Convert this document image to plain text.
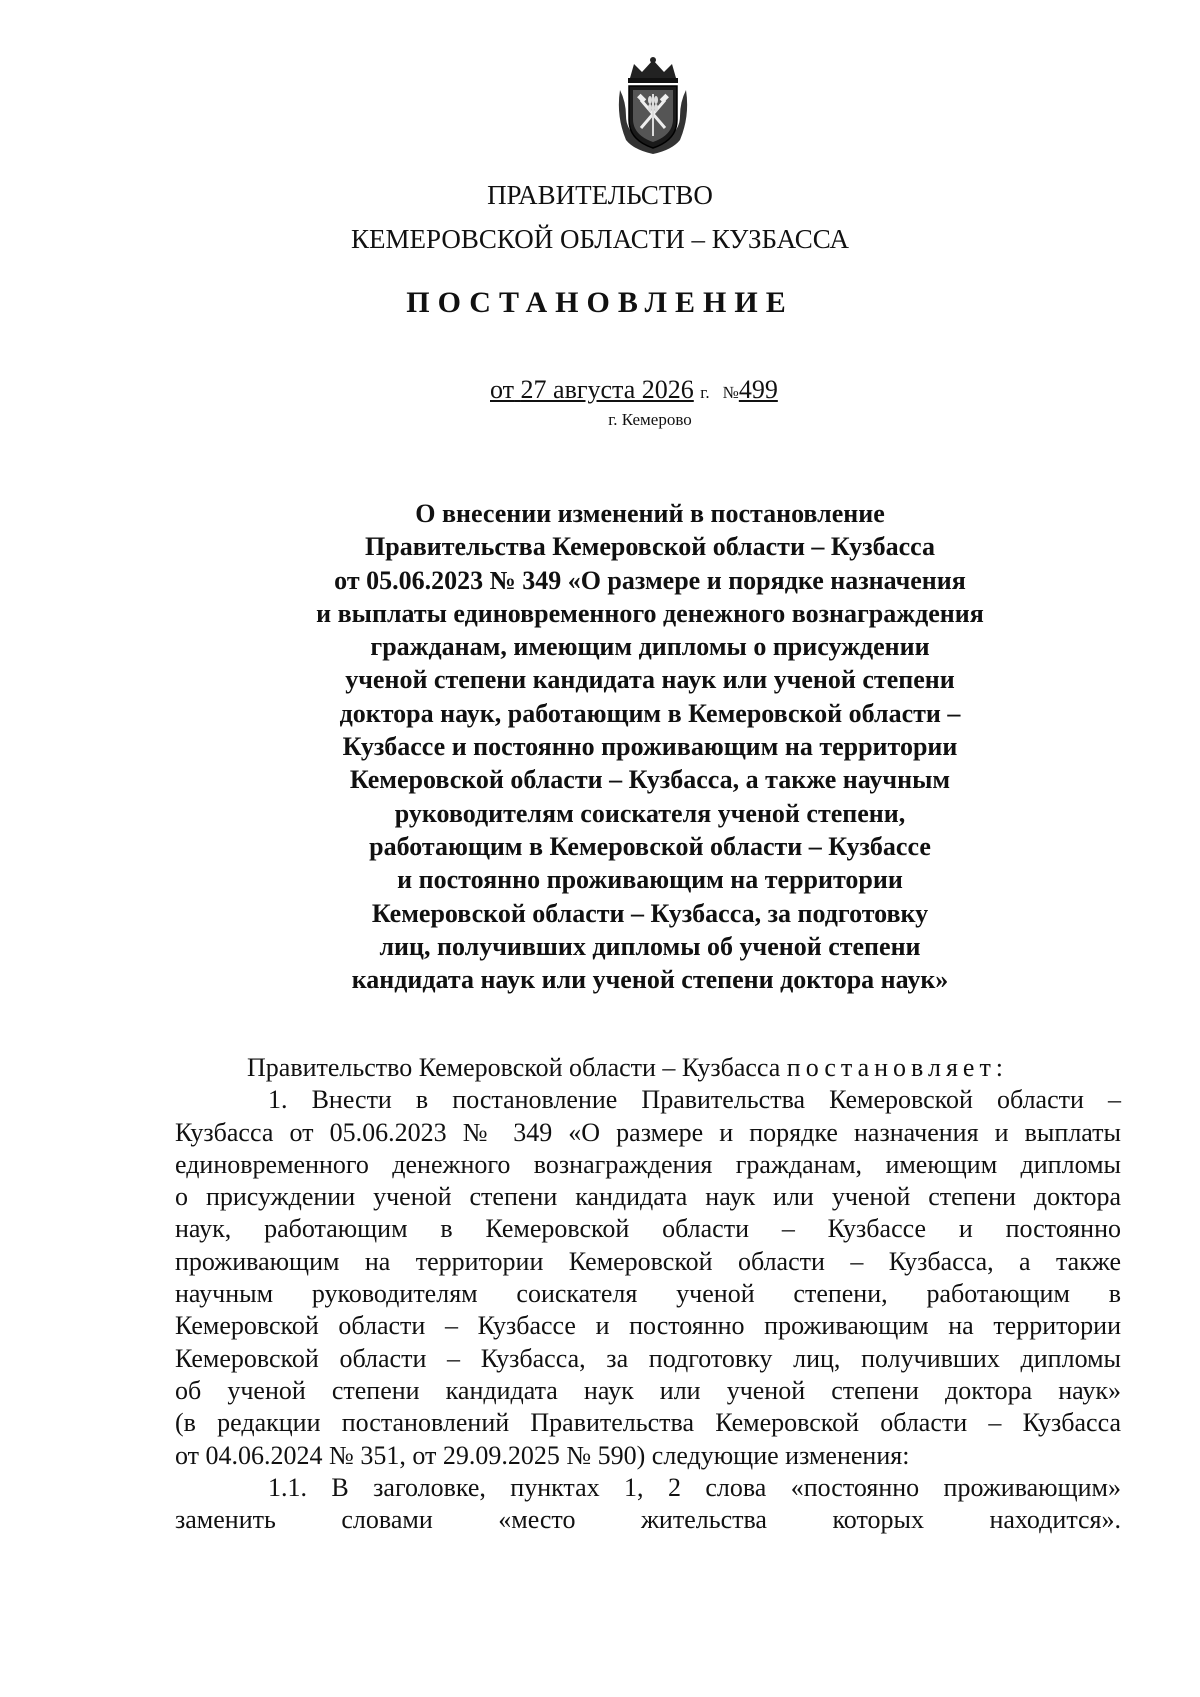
ПРАВИТЕЛЬСТВО
КЕМЕРОВСКОЙ ОБЛАСТИ – КУЗБАССА
ПОСТАНОВЛЕНИЕ
от 27 августа 2026 г. №499
г. Кемерово
О внесении изменений в постановление
Правительства Кемеровской области – Кузбасса
от 05.06.2023 № 349 «О размере и порядке назначения
и выплаты единовременного денежного вознаграждения
гражданам, имеющим дипломы о присуждении
ученой степени кандидата наук или ученой степени
доктора наук, работающим в Кемеровской области –
Кузбассе и постоянно проживающим на территории
Кемеровской области – Кузбасса, а также научным
руководителям соискателя ученой степени,
работающим в Кемеровской области – Кузбассе
и постоянно проживающим на территории
Кемеровской области – Кузбасса, за подготовку
лиц, получивших дипломы об ученой степени
кандидата наук или ученой степени доктора наук»
Правительство Кемеровской области – Кузбасса постановляет:
1. Внести в постановление Правительства Кемеровской области –
Кузбасса от 05.06.2023 № 349 «О размере и порядке назначения и выплаты
единовременного денежного вознаграждения гражданам, имеющим дипломы
о присуждении ученой степени кандидата наук или ученой степени доктора
наук, работающим в Кемеровской области – Кузбассе и постоянно
проживающим на территории Кемеровской области – Кузбасса, а также
научным руководителям соискателя ученой степени, работающим в
Кемеровской области – Кузбассе и постоянно проживающим на территории
Кемеровской области – Кузбасса, за подготовку лиц, получивших дипломы
об ученой степени кандидата наук или ученой степени доктора наук»
(в редакции постановлений Правительства Кемеровской области – Кузбасса
от 04.06.2024 № 351, от 29.09.2025 № 590) следующие изменения:
1.1. В заголовке, пунктах 1, 2 слова «постоянно проживающим»
заменить словами «место жительства которых находится».
